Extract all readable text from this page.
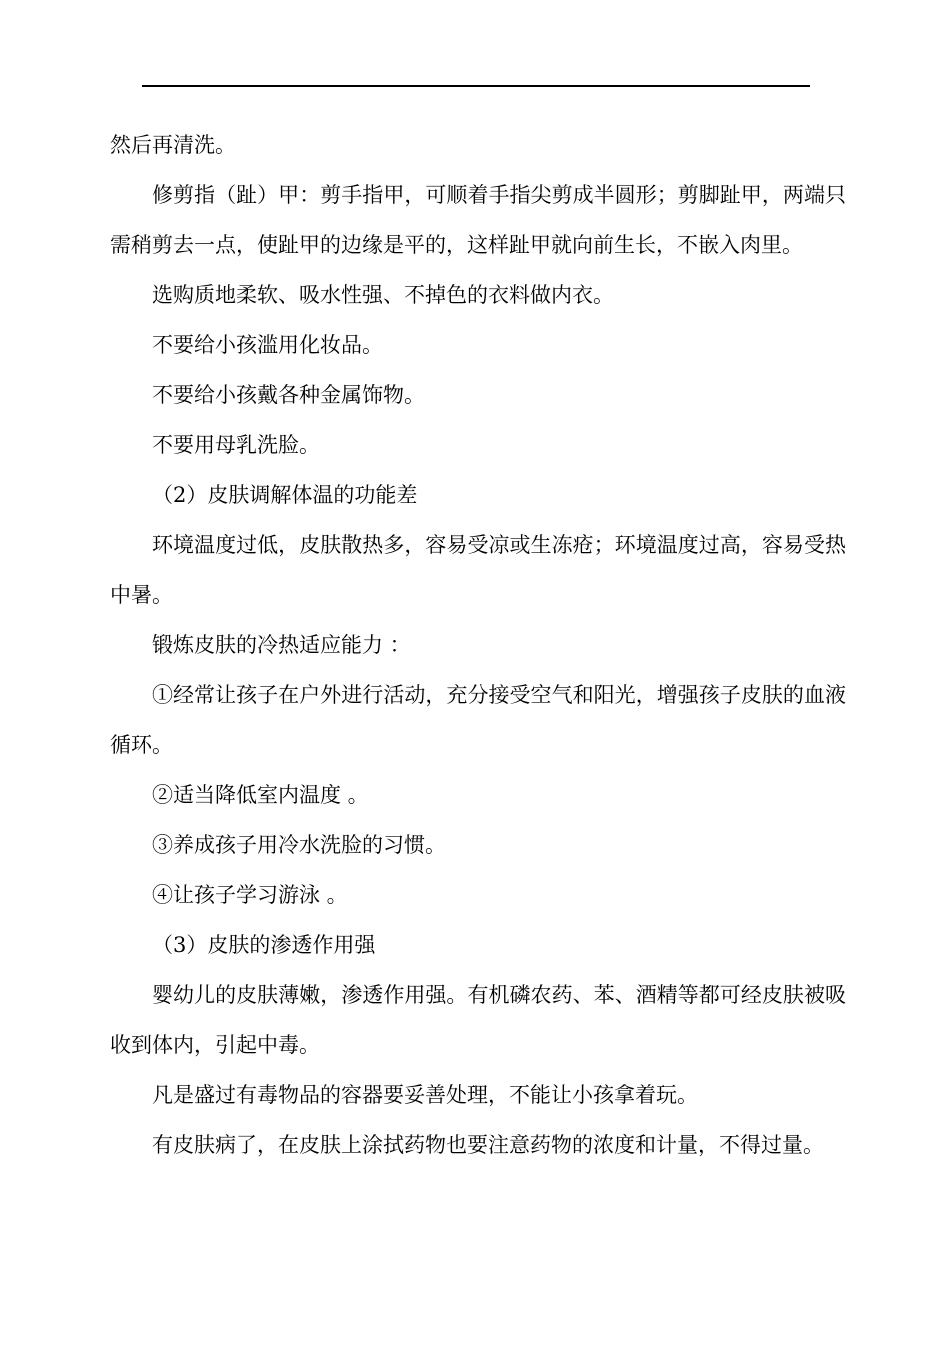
然后再清洗。

修剪指（趾）甲：剪手指甲，可顺着手指尖剪成半圆形；剪脚趾甲，两端只需稍剪去一点，使趾甲的边缘是平的，这样趾甲就向前生长，不嵌入肉里。

选购质地柔软、吸水性强、不掉色的衣料做内衣。

不要给小孩滥用化妆品。

不要给小孩戴各种金属饰物。

不要用母乳洗脸。

（2）皮肤调解体温的功能差

环境温度过低，皮肤散热多，容易受凉或生冻疮；环境温度过高，容易受热中暑。

锻炼皮肤的冷热适应能力 ：

①经常让孩子在户外进行活动，充分接受空气和阳光，增强孩子皮肤的血液循环。

②适当降低室内温度 。

③养成孩子用冷水洗脸的习惯。

④让孩子学习游泳 。

（3）皮肤的渗透作用强

婴幼儿的皮肤薄嫩，渗透作用强。有机磷农药、苯、酒精等都可经皮肤被吸收到体内，引起中毒。

凡是盛过有毒物品的容器要妥善处理，不能让小孩拿着玩。

有皮肤病了，在皮肤上涂拭药物也要注意药物的浓度和计量，不得过量。
